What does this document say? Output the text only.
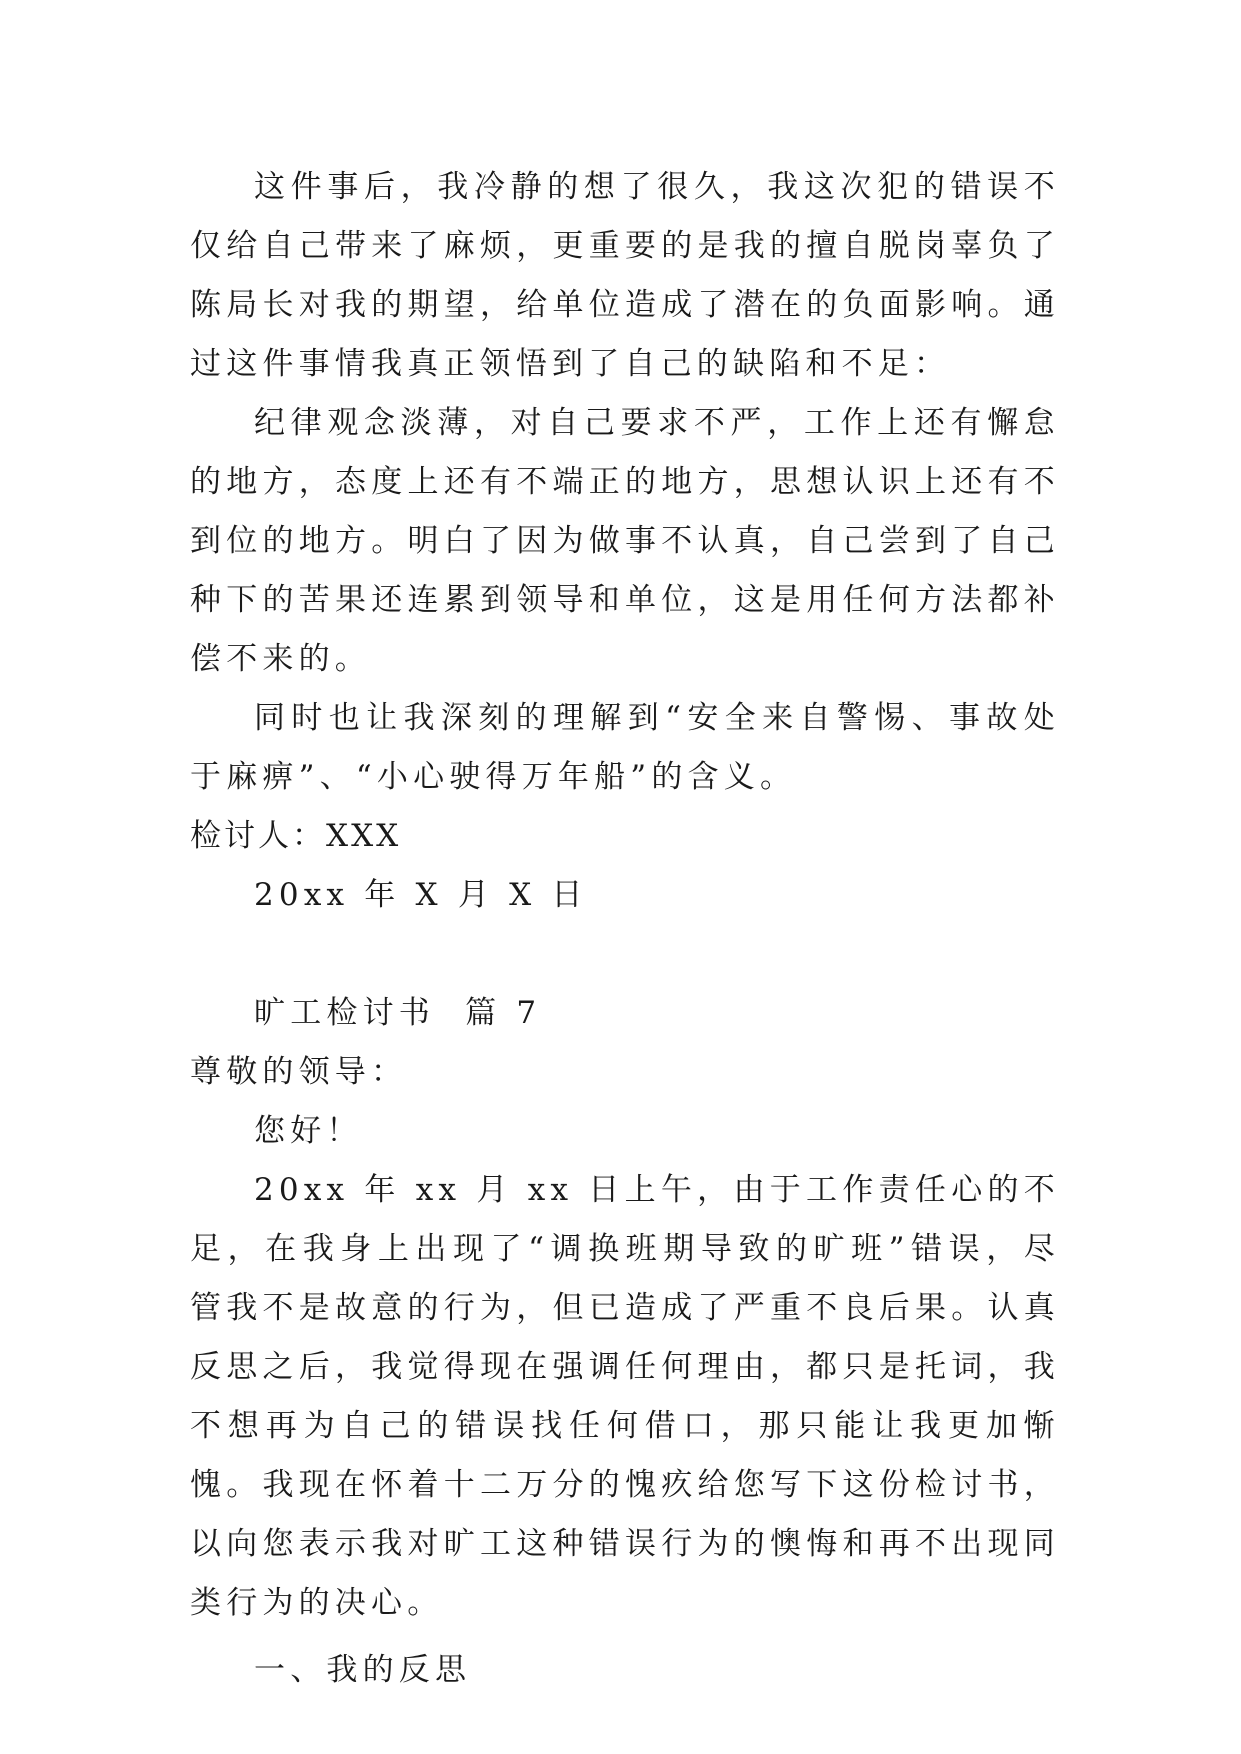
这件事后，我冷静的想了很久，我这次犯的错误不仅给自己带来了麻烦，更重要的是我的擅自脱岗辜负了陈局长对我的期望，给单位造成了潜在的负面影响。通过这件事情我真正领悟到了自己的缺陷和不足：

纪律观念淡薄，对自己要求不严，工作上还有懈怠的地方，态度上还有不端正的地方，思想认识上还有不到位的地方。明白了因为做事不认真，自己尝到了自己种下的苦果还连累到领导和单位，这是用任何方法都补偿不来的。

同时也让我深刻的理解到“安全来自警惕、事故处于麻痹”、“小心驶得万年船”的含义。

检讨人：XXX

20xx 年 X 月 X 日

旷工检讨书  篇 7

尊敬的领导：

您好！

20xx 年 xx 月 xx 日上午，由于工作责任心的不足，在我身上出现了“调换班期导致的旷班”错误，尽管我不是故意的行为，但已造成了严重不良后果。认真反思之后，我觉得现在强调任何理由，都只是托词，我不想再为自己的错误找任何借口，那只能让我更加惭愧。我现在怀着十二万分的愧疚给您写下这份检讨书，以向您表示我对旷工这种错误行为的懊悔和再不出现同类行为的决心。

一、我的反思
